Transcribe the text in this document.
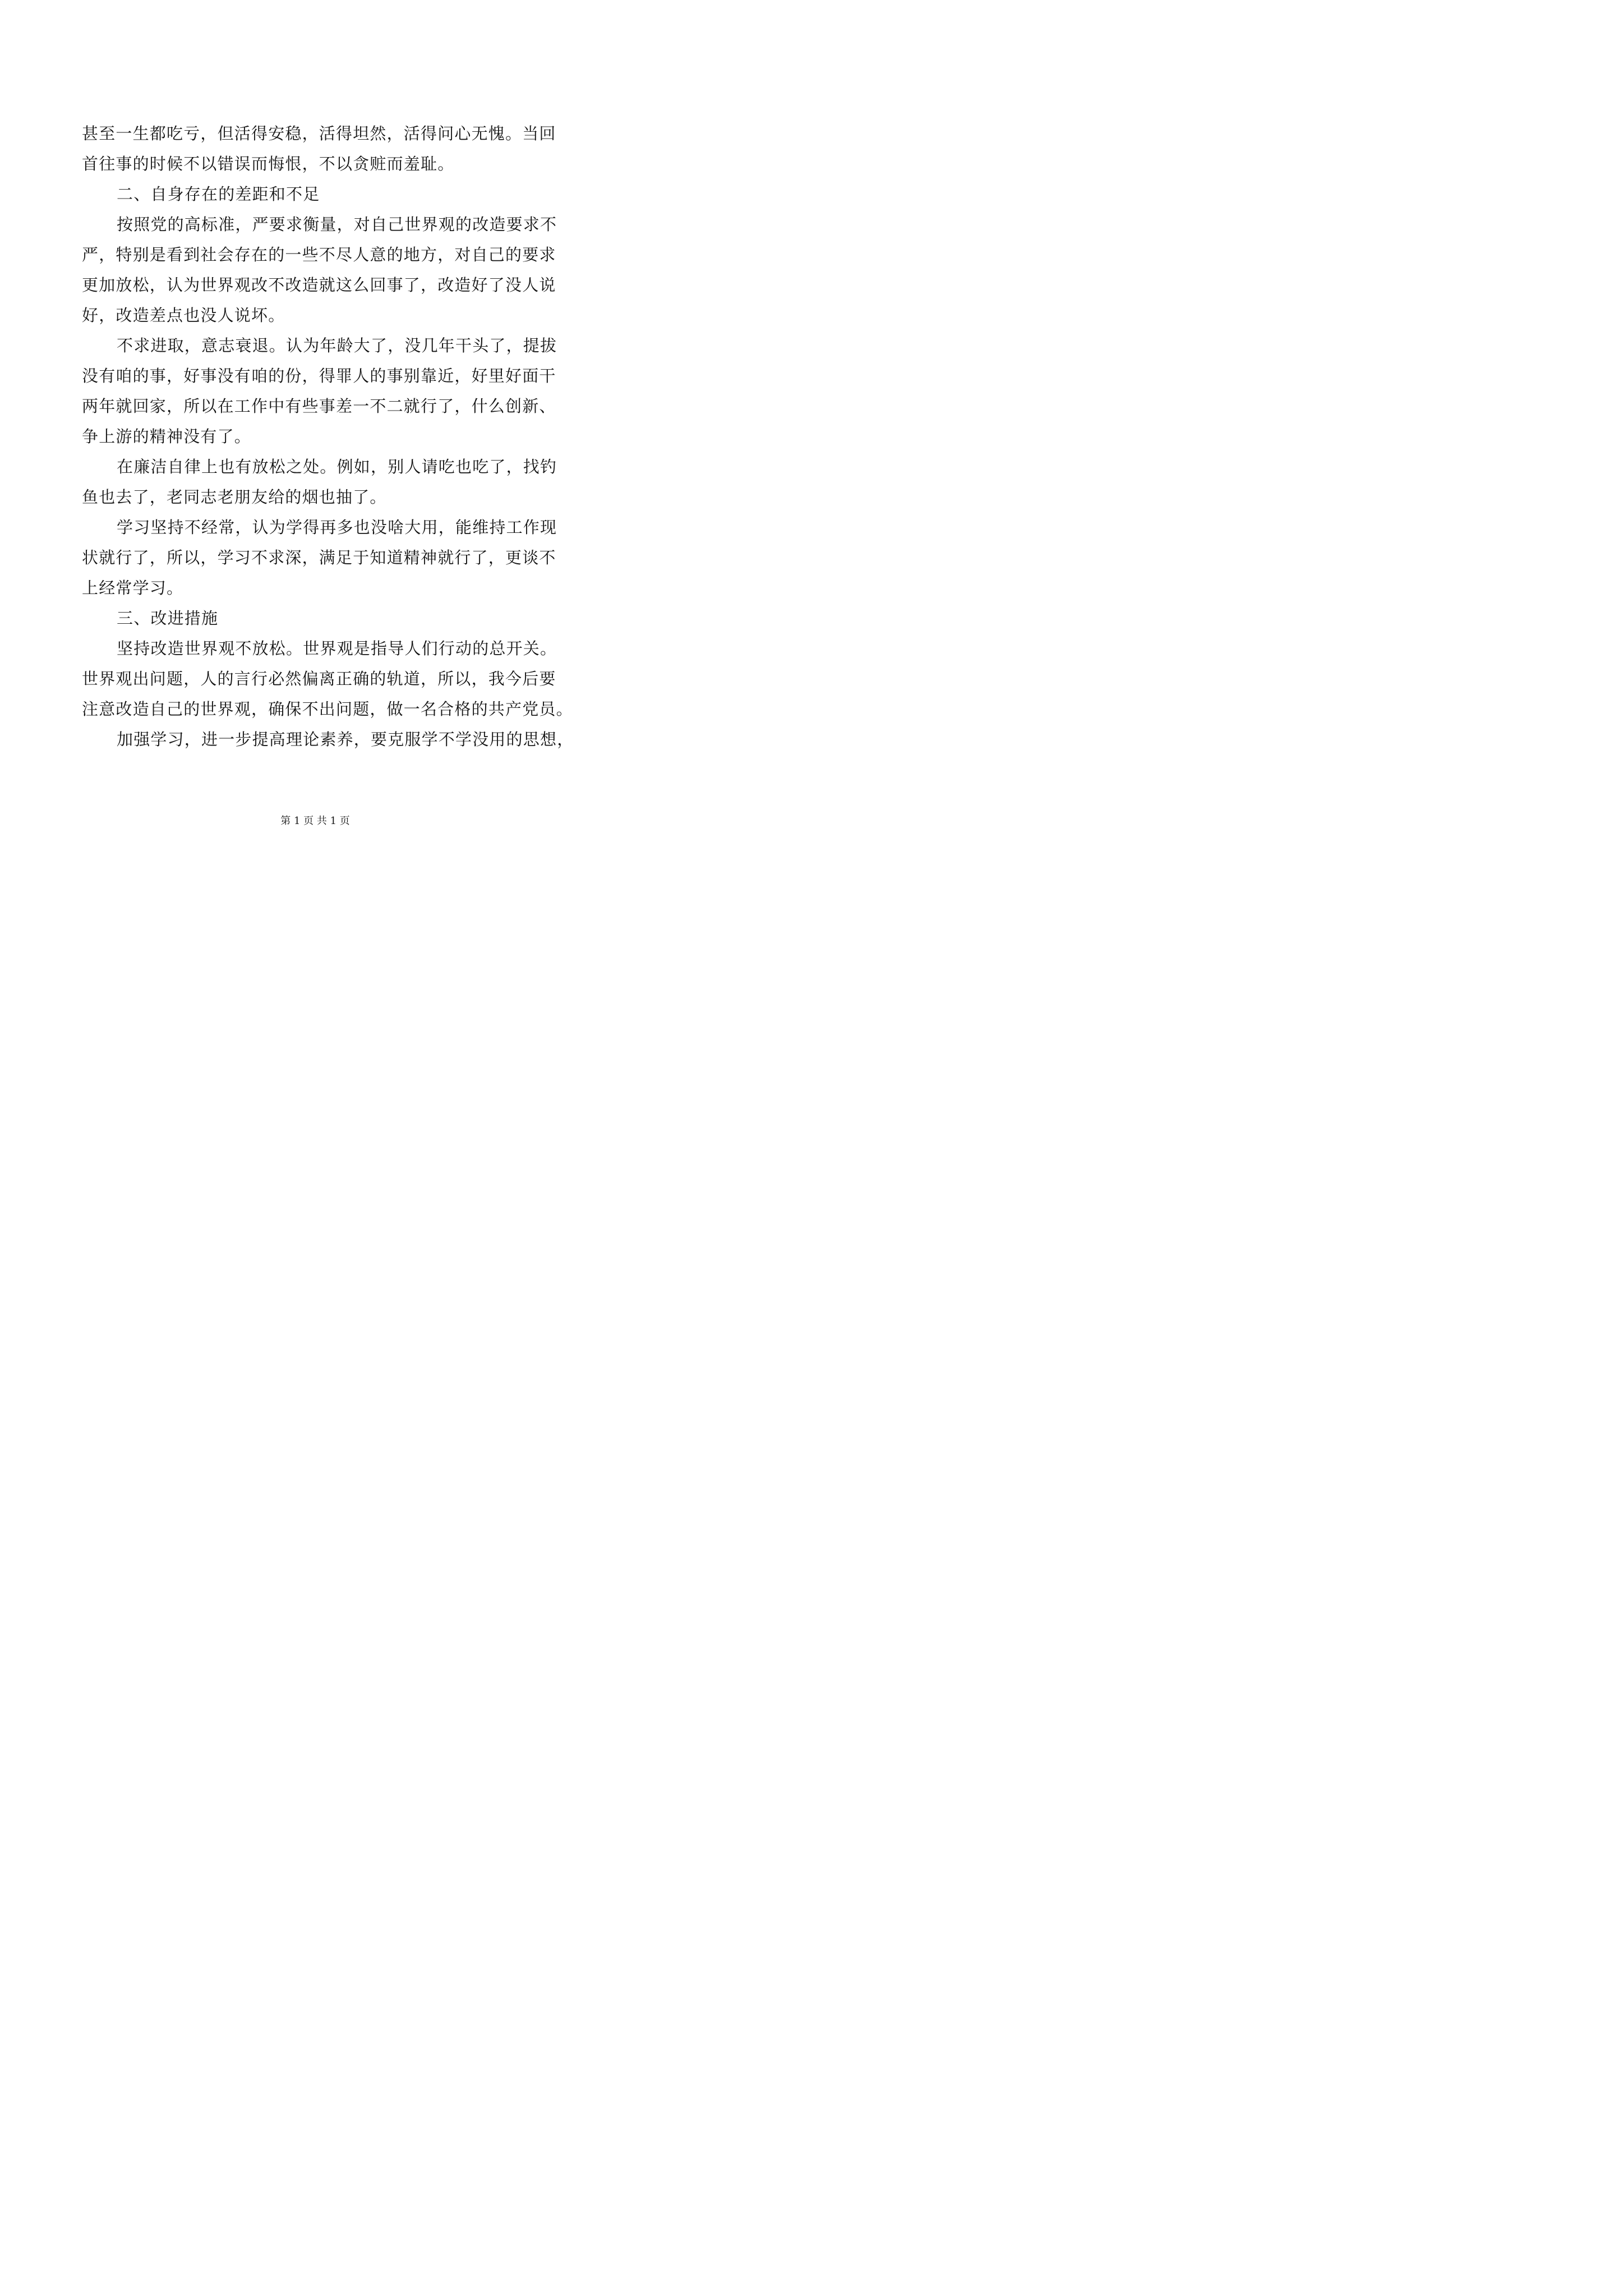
甚至一生都吃亏，但活得安稳，活得坦然，活得问心无愧。当回
首往事的时候不以错误而悔恨，不以贪赃而羞耻。
二、自身存在的差距和不足
按照党的高标准，严要求衡量，对自己世界观的改造要求不
严，特别是看到社会存在的一些不尽人意的地方，对自己的要求
更加放松，认为世界观改不改造就这么回事了，改造好了没人说
好，改造差点也没人说坏。
不求进取，意志衰退。认为年龄大了，没几年干头了，提拔
没有咱的事，好事没有咱的份，得罪人的事别靠近，好里好面干
两年就回家，所以在工作中有些事差一不二就行了，什么创新、
争上游的精神没有了。
在廉洁自律上也有放松之处。例如，别人请吃也吃了，找钓
鱼也去了，老同志老朋友给的烟也抽了。
学习坚持不经常，认为学得再多也没啥大用，能维持工作现
状就行了，所以，学习不求深，满足于知道精神就行了，更谈不
上经常学习。
三、改进措施
坚持改造世界观不放松。世界观是指导人们行动的总开关。
世界观出问题，人的言行必然偏离正确的轨道，所以，我今后要
注意改造自己的世界观，确保不出问题，做一名合格的共产党员。
加强学习，进一步提高理论素养，要克服学不学没用的思想，
第 1 页 共 1 页
